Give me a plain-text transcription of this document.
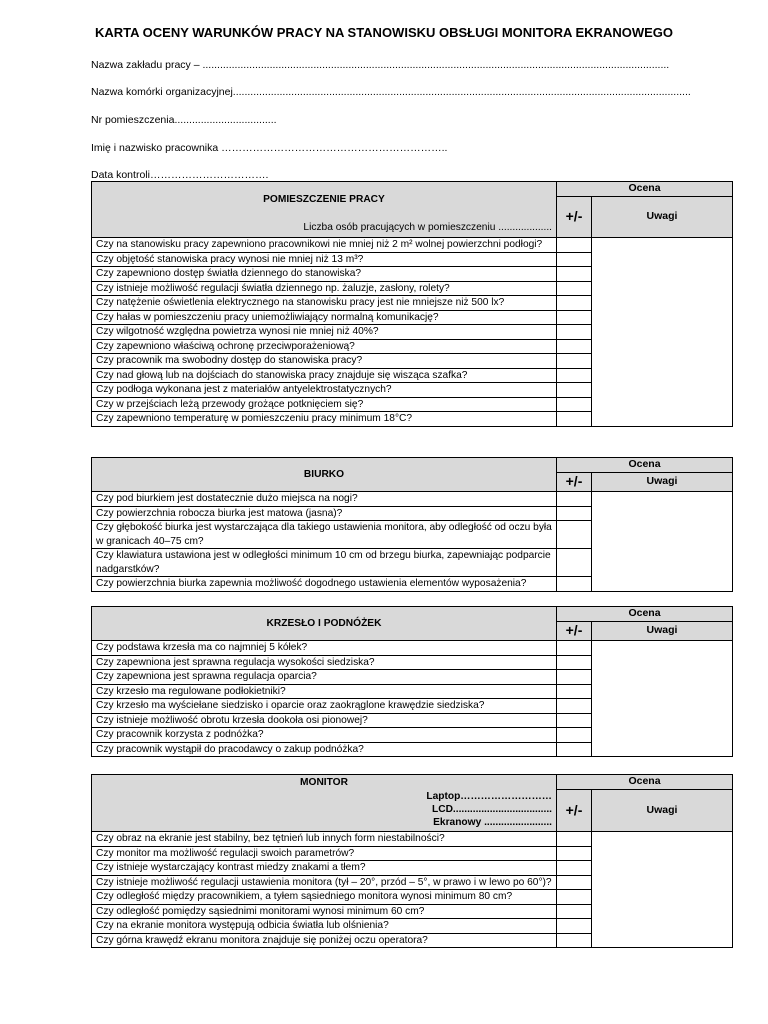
KARTA OCENY WARUNKÓW PRACY NA STANOWISKU OBSŁUGI MONITORA EKRANOWEGO
Nazwa zakładu pracy – ................................................................................................................................................................
Nazwa komórki organizacyjnej.............................................................................................................................................................
Nr pomieszczenia...................................
Imię i nazwisko pracownika ………………………………………………………..
Data kontroli…………………………….
POMIESZCZENIE PRACY
Liczba osób pracujących w pomieszczeniu ...................	Ocena	
	+/-	Uwagi
Czy na stanowisku pracy zapewniono pracownikowi nie mniej niż 2 m² wolnej powierzchni podłogi?		
Czy objętość stanowiska pracy wynosi nie mniej niż 13 m³?		
Czy zapewniono dostęp światła dziennego do stanowiska?		
Czy istnieje możliwość regulacji światła dziennego np. żaluzje, zasłony, rolety?		
Czy natężenie oświetlenia elektrycznego na stanowisku pracy jest nie mniejsze niż 500 lx?		
Czy hałas w pomieszczeniu pracy uniemożliwiający normalną komunikację?		
Czy wilgotność względna powietrza wynosi nie mniej niż 40%?		
Czy zapewniono właściwą ochronę przeciwporażeniową?		
Czy pracownik ma swobodny dostęp do stanowiska pracy?		
Czy nad głową lub na dojściach do stanowiska pracy znajduje się wisząca szafka?		
Czy podłoga wykonana jest z materiałów antyelektrostatycznych?		
Czy w przejściach leżą przewody grożące potknięciem się?		
Czy zapewniono temperaturę w pomieszczeniu pracy minimum 18°C?		
BIURKO	Ocena	
	+/-	Uwagi
Czy pod biurkiem jest dostatecznie dużo miejsca na nogi?		
Czy powierzchnia robocza biurka jest matowa (jasna)?		
Czy głębokość biurka jest wystarczająca dla takiego ustawienia monitora, aby odległość od oczu była w granicach 40–75 cm?		
Czy klawiatura ustawiona jest w odległości minimum 10 cm od brzegu biurka, zapewniając podparcie nadgarstków?		
Czy powierzchnia biurka zapewnia możliwość dogodnego ustawienia elementów wyposażenia?		
KRZESŁO I PODNÓŻEK	Ocena	
	+/-	Uwagi
Czy podstawa krzesła ma co najmniej 5 kółek?		
Czy zapewniona jest sprawna regulacja wysokości siedziska?		
Czy zapewniona jest sprawna regulacja oparcia?		
Czy krzesło ma regulowane podłokietniki?		
Czy krzesło ma wyściełane siedzisko i oparcie oraz zaokrąglone krawędzie siedziska?		
Czy istnieje możliwość obrotu krzesła dookoła osi pionowej?		
Czy pracownik korzysta z podnóżka?		
Czy pracownik wystąpił do pracodawcy o zakup podnóżka?		
MONITOR
Laptop………………………
LCD...................................
Ekranowy ........................	Ocena	
	+/-	Uwagi
Czy obraz na ekranie jest stabilny, bez tętnień lub innych form niestabilności?		
Czy monitor ma możliwość regulacji swoich parametrów?		
Czy istnieje wystarczający kontrast miedzy znakami a tłem?		
Czy istnieje możliwość regulacji ustawienia monitora (tył – 20°, przód – 5°, w prawo i w lewo po 60°)?		
Czy odległość między pracownikiem, a tyłem sąsiedniego monitora wynosi minimum 80 cm?		
Czy odległość pomiędzy sąsiednimi monitorami wynosi minimum 60 cm?		
Czy na ekranie monitora występują odbicia światła lub olśnienia?		
Czy górna krawędź ekranu monitora znajduje się poniżej oczu operatora?		
